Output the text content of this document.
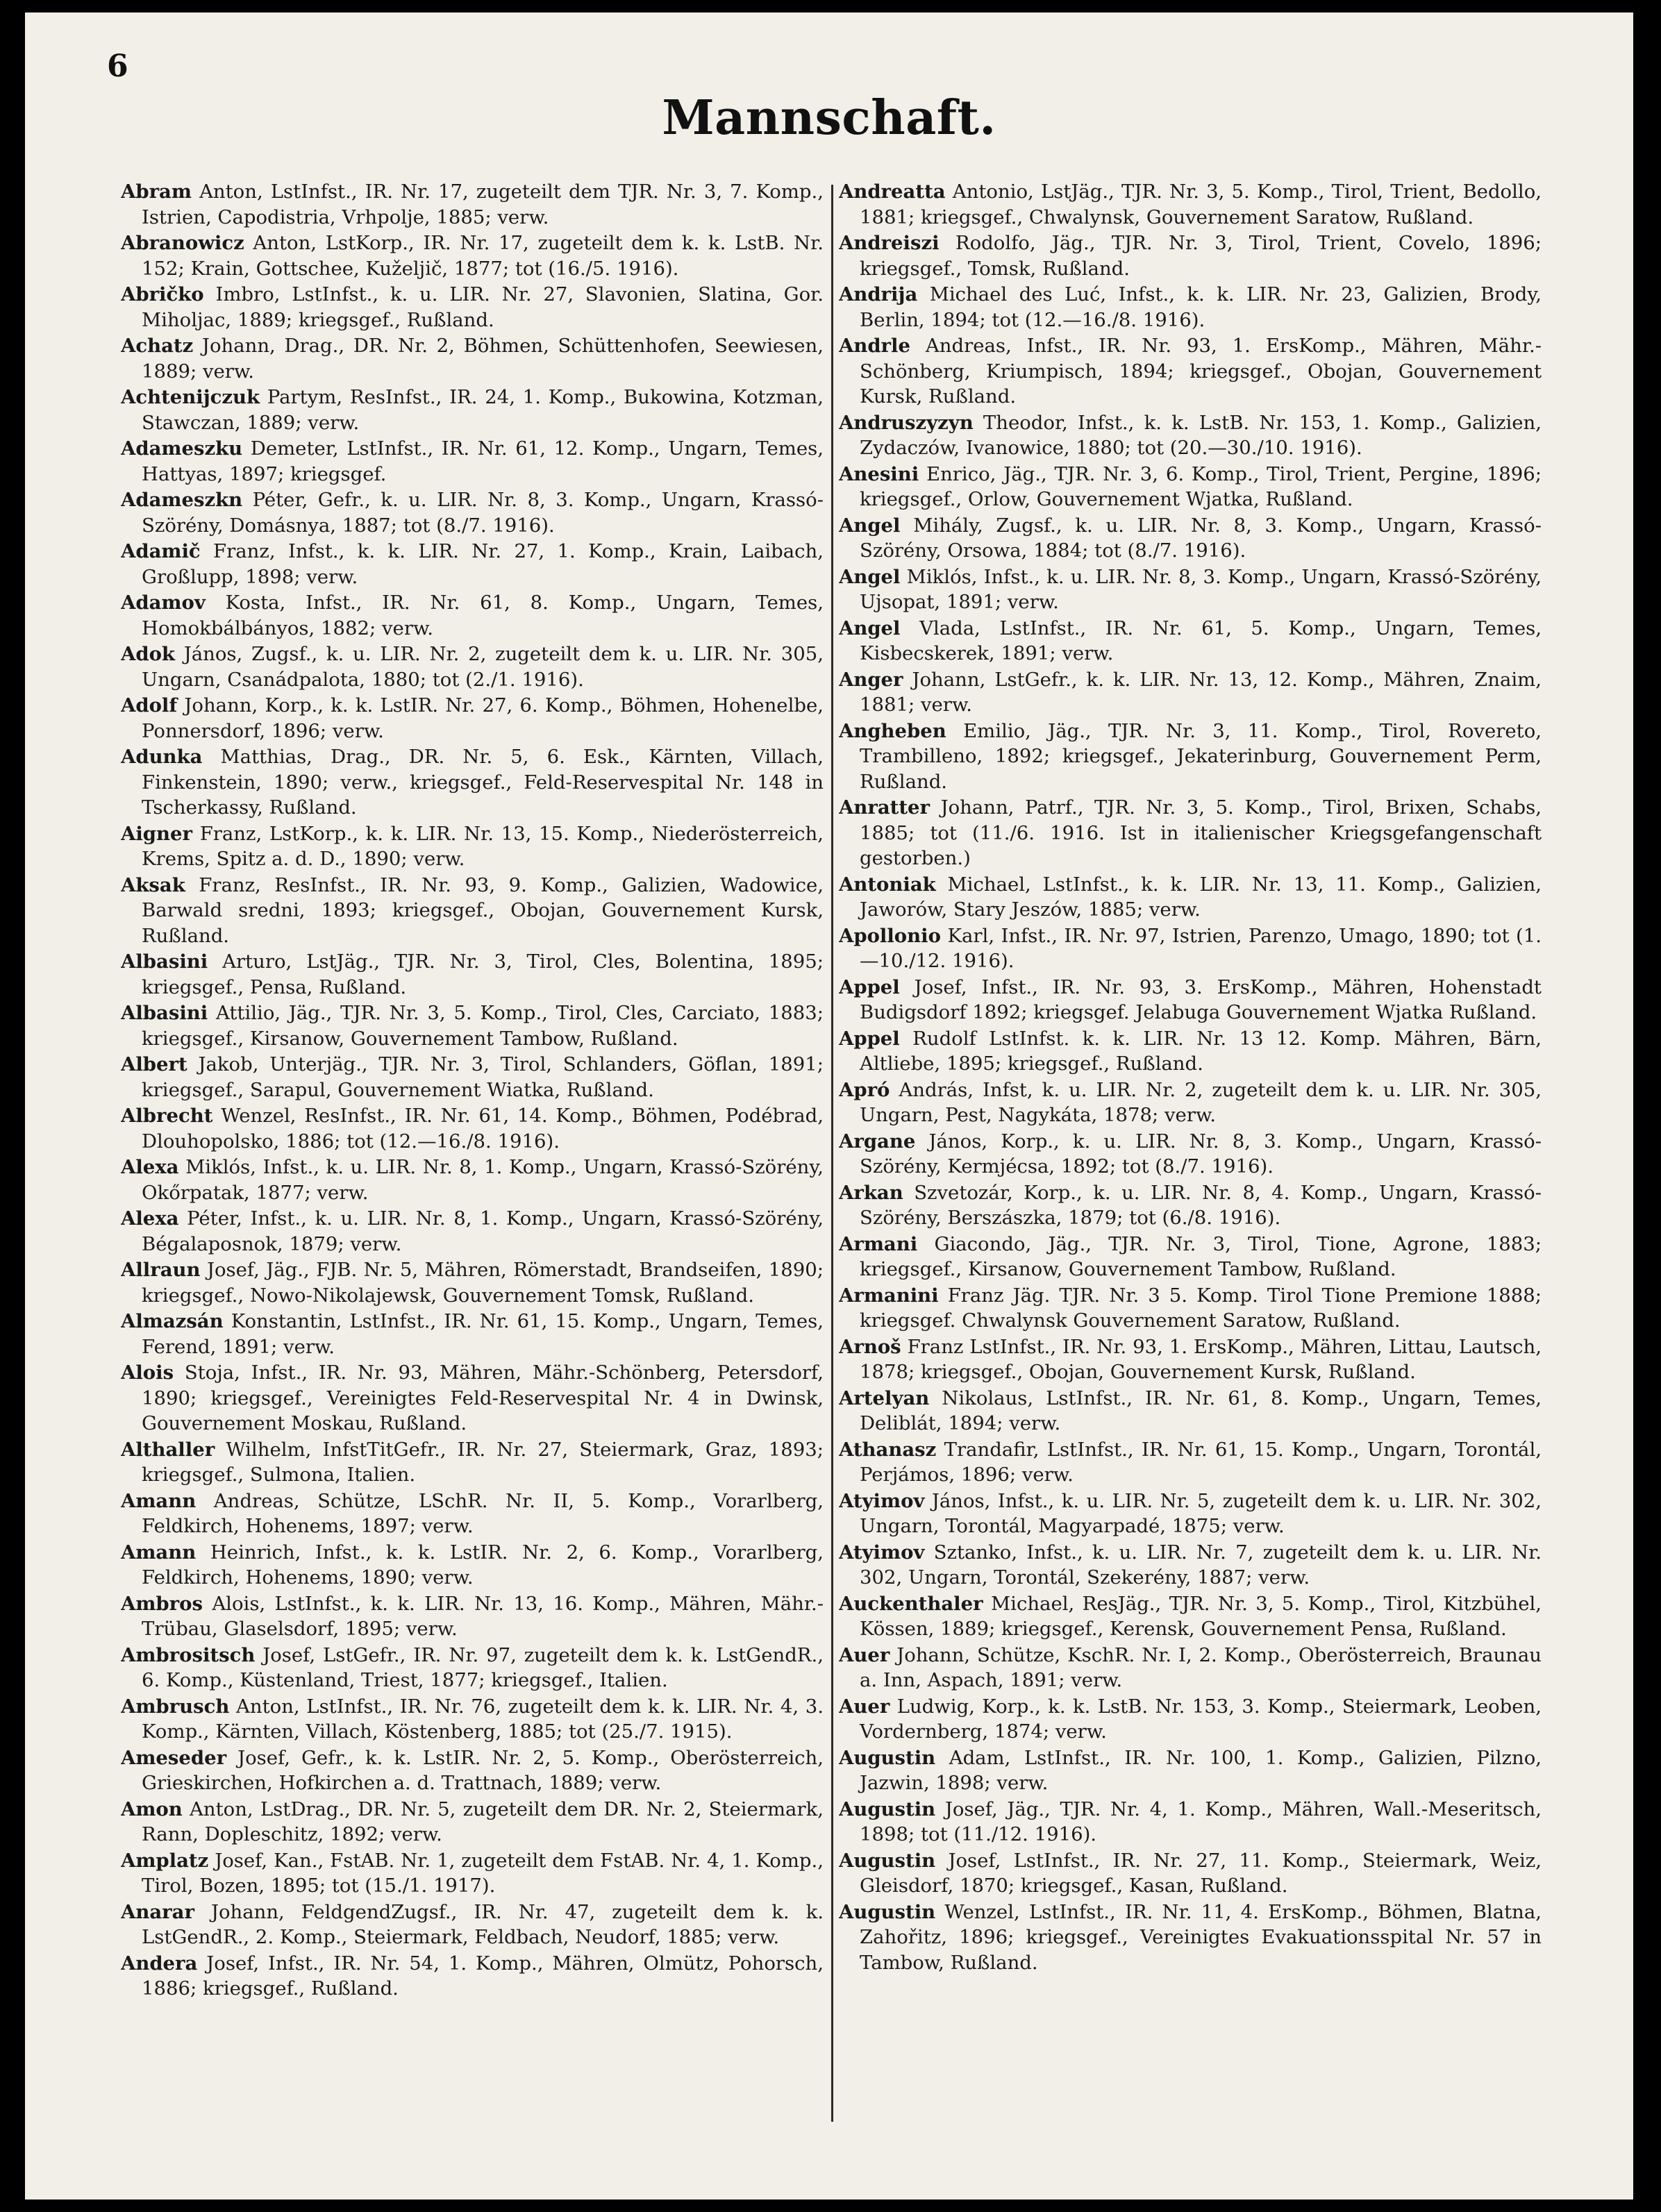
6
Mannschaft.
Abram Anton, LstInfst., IR. Nr. 17, zugeteilt dem TJR. Nr. 3, 7. Komp., Istrien, Capodistria, Vrhpolje, 1885; verw.
Abranowicz Anton, LstKorp., IR. Nr. 17, zugeteilt dem k. k. LstB. Nr. 152; Krain, Gottschee, Kuželjič, 1877; tot (16./5. 1916).
Abričko Imbro, LstInfst., k. u. LIR. Nr. 27, Slavonien, Slatina, Gor. Miholjac, 1889; kriegsgef., Rußland.
Achatz Johann, Drag., DR. Nr. 2, Böhmen, Schüttenhofen, Seewiesen, 1889; verw.
Achtenijczuk Partym, ResInfst., IR. 24, 1. Komp., Bukowina, Kotzman, Stawczan, 1889; verw.
Adameszku Demeter, LstInfst., IR. Nr. 61, 12. Komp., Ungarn, Temes, Hattyas, 1897; kriegsgef.
Adameszkn Péter, Gefr., k. u. LIR. Nr. 8, 3. Komp., Ungarn, Krassó-Szörény, Domásnya, 1887; tot (8./7. 1916).
Adamič Franz, Infst., k. k. LIR. Nr. 27, 1. Komp., Krain, Laibach, Großlupp, 1898; verw.
Adamov Kosta, Infst., IR. Nr. 61, 8. Komp., Ungarn, Temes, Homokbálbányos, 1882; verw.
Adok János, Zugsf., k. u. LIR. Nr. 2, zugeteilt dem k. u. LIR. Nr. 305, Ungarn, Csanádpalota, 1880; tot (2./1. 1916).
Adolf Johann, Korp., k. k. LstIR. Nr. 27, 6. Komp., Böhmen, Hohenelbe, Ponnersdorf, 1896; verw.
Adunka Matthias, Drag., DR. Nr. 5, 6. Esk., Kärnten, Villach, Finkenstein, 1890; verw., kriegsgef., Feld-Reservespital Nr. 148 in Tscherkassy, Rußland.
Aigner Franz, LstKorp., k. k. LIR. Nr. 13, 15. Komp., Niederösterreich, Krems, Spitz a. d. D., 1890; verw.
Aksak Franz, ResInfst., IR. Nr. 93, 9. Komp., Galizien, Wadowice, Barwald sredni, 1893; kriegsgef., Obojan, Gouvernement Kursk, Rußland.
Albasini Arturo, LstJäg., TJR. Nr. 3, Tirol, Cles, Bolentina, 1895; kriegsgef., Pensa, Rußland.
Albasini Attilio, Jäg., TJR. Nr. 3, 5. Komp., Tirol, Cles, Carciato, 1883; kriegsgef., Kirsanow, Gouvernement Tambow, Rußland.
Albert Jakob, Unterjäg., TJR. Nr. 3, Tirol, Schlanders, Göflan, 1891; kriegsgef., Sarapul, Gouvernement Wiatka, Rußland.
Albrecht Wenzel, ResInfst., IR. Nr. 61, 14. Komp., Böhmen, Podébrad, Dlouhopolsko, 1886; tot (12.—16./8. 1916).
Alexa Miklós, Infst., k. u. LIR. Nr. 8, 1. Komp., Ungarn, Krassó-Szörény, Okőrpatak, 1877; verw.
Alexa Péter, Infst., k. u. LIR. Nr. 8, 1. Komp., Ungarn, Krassó-Szörény, Bégalaposnok, 1879; verw.
Allraun Josef, Jäg., FJB. Nr. 5, Mähren, Römerstadt, Brandseifen, 1890; kriegsgef., Nowo-Nikolajewsk, Gouvernement Tomsk, Rußland.
Almazsán Konstantin, LstInfst., IR. Nr. 61, 15. Komp., Ungarn, Temes, Ferend, 1891; verw.
Alois Stoja, Infst., IR. Nr. 93, Mähren, Mähr.-Schönberg, Petersdorf, 1890; kriegsgef., Vereinigtes Feld-Reservespital Nr. 4 in Dwinsk, Gouvernement Moskau, Rußland.
Althaller Wilhelm, InfstTitGefr., IR. Nr. 27, Steiermark, Graz, 1893; kriegsgef., Sulmona, Italien.
Amann Andreas, Schütze, LSchR. Nr. II, 5. Komp., Vorarlberg, Feldkirch, Hohenems, 1897; verw.
Amann Heinrich, Infst., k. k. LstIR. Nr. 2, 6. Komp., Vorarlberg, Feldkirch, Hohenems, 1890; verw.
Ambros Alois, LstInfst., k. k. LIR. Nr. 13, 16. Komp., Mähren, Mähr.-Trübau, Glaselsdorf, 1895; verw.
Ambrositsch Josef, LstGefr., IR. Nr. 97, zugeteilt dem k. k. LstGendR., 6. Komp., Küstenland, Triest, 1877; kriegsgef., Italien.
Ambrusch Anton, LstInfst., IR. Nr. 76, zugeteilt dem k. k. LIR. Nr. 4, 3. Komp., Kärnten, Villach, Köstenberg, 1885; tot (25./7. 1915).
Ameseder Josef, Gefr., k. k. LstIR. Nr. 2, 5. Komp., Oberösterreich, Grieskirchen, Hofkirchen a. d. Trattnach, 1889; verw.
Amon Anton, LstDrag., DR. Nr. 5, zugeteilt dem DR. Nr. 2, Steiermark, Rann, Dopleschitz, 1892; verw.
Amplatz Josef, Kan., FstAB. Nr. 1, zugeteilt dem FstAB. Nr. 4, 1. Komp., Tirol, Bozen, 1895; tot (15./1. 1917).
Anarar Johann, FeldgendZugsf., IR. Nr. 47, zugeteilt dem k. k. LstGendR., 2. Komp., Steiermark, Feldbach, Neudorf, 1885; verw.
Andera Josef, Infst., IR. Nr. 54, 1. Komp., Mähren, Olmütz, Pohorsch, 1886; kriegsgef., Rußland.
Andreatta Antonio, LstJäg., TJR. Nr. 3, 5. Komp., Tirol, Trient, Bedollo, 1881; kriegsgef., Chwalynsk, Gouvernement Saratow, Rußland.
Andreiszi Rodolfo, Jäg., TJR. Nr. 3, Tirol, Trient, Covelo, 1896; kriegsgef., Tomsk, Rußland.
Andrija Michael des Luć, Infst., k. k. LIR. Nr. 23, Galizien, Brody, Berlin, 1894; tot (12.—16./8. 1916).
Andrle Andreas, Infst., IR. Nr. 93, 1. ErsKomp., Mähren, Mähr.-Schönberg, Kriumpisch, 1894; kriegsgef., Obojan, Gouvernement Kursk, Rußland.
Andruszyzyn Theodor, Infst., k. k. LstB. Nr. 153, 1. Komp., Galizien, Zydaczów, Ivanowice, 1880; tot (20.—30./10. 1916).
Anesini Enrico, Jäg., TJR. Nr. 3, 6. Komp., Tirol, Trient, Pergine, 1896; kriegsgef., Orlow, Gouvernement Wjatka, Rußland.
Angel Mihály, Zugsf., k. u. LIR. Nr. 8, 3. Komp., Ungarn, Krassó-Szörény, Orsowa, 1884; tot (8./7. 1916).
Angel Miklós, Infst., k. u. LIR. Nr. 8, 3. Komp., Ungarn, Krassó-Szörény, Ujsopat, 1891; verw.
Angel Vlada, LstInfst., IR. Nr. 61, 5. Komp., Ungarn, Temes, Kisbecskerek, 1891; verw.
Anger Johann, LstGefr., k. k. LIR. Nr. 13, 12. Komp., Mähren, Znaim, 1881; verw.
Angheben Emilio, Jäg., TJR. Nr. 3, 11. Komp., Tirol, Rovereto, Trambilleno, 1892; kriegsgef., Jekaterinburg, Gouvernement Perm, Rußland.
Anratter Johann, Patrf., TJR. Nr. 3, 5. Komp., Tirol, Brixen, Schabs, 1885; tot (11./6. 1916. Ist in italienischer Kriegsgefangenschaft gestorben.)
Antoniak Michael, LstInfst., k. k. LIR. Nr. 13, 11. Komp., Galizien, Jaworów, Stary Jeszów, 1885; verw.
Apollonio Karl, Infst., IR. Nr. 97, Istrien, Parenzo, Umago, 1890; tot (1.—10./12. 1916).
Appel Josef, Infst., IR. Nr. 93, 3. ErsKomp., Mähren, Hohenstadt Budigsdorf 1892; kriegsgef. Jelabuga Gouvernement Wjatka Rußland.
Appel Rudolf LstInfst. k. k. LIR. Nr. 13 12. Komp. Mähren, Bärn, Altliebe, 1895; kriegsgef., Rußland.
Apró András, Infst, k. u. LIR. Nr. 2, zugeteilt dem k. u. LIR. Nr. 305, Ungarn, Pest, Nagykáta, 1878; verw.
Argane János, Korp., k. u. LIR. Nr. 8, 3. Komp., Ungarn, Krassó-Szörény, Kermjécsa, 1892; tot (8./7. 1916).
Arkan Szvetozár, Korp., k. u. LIR. Nr. 8, 4. Komp., Ungarn, Krassó-Szörény, Berszászka, 1879; tot (6./8. 1916).
Armani Giacondo, Jäg., TJR. Nr. 3, Tirol, Tione, Agrone, 1883; kriegsgef., Kirsanow, Gouvernement Tambow, Rußland.
Armanini Franz Jäg. TJR. Nr. 3 5. Komp. Tirol Tione Premione 1888; kriegsgef. Chwalynsk Gouvernement Saratow, Rußland.
Arnoš Franz LstInfst., IR. Nr. 93, 1. ErsKomp., Mähren, Littau, Lautsch, 1878; kriegsgef., Obojan, Gouvernement Kursk, Rußland.
Artelyan Nikolaus, LstInfst., IR. Nr. 61, 8. Komp., Ungarn, Temes, Deliblát, 1894; verw.
Athanasz Trandafir, LstInfst., IR. Nr. 61, 15. Komp., Ungarn, Torontál, Perjámos, 1896; verw.
Atyimov János, Infst., k. u. LIR. Nr. 5, zugeteilt dem k. u. LIR. Nr. 302, Ungarn, Torontál, Magyarpadé, 1875; verw.
Atyimov Sztanko, Infst., k. u. LIR. Nr. 7, zugeteilt dem k. u. LIR. Nr. 302, Ungarn, Torontál, Szekerény, 1887; verw.
Auckenthaler Michael, ResJäg., TJR. Nr. 3, 5. Komp., Tirol, Kitzbühel, Kössen, 1889; kriegsgef., Kerensk, Gouvernement Pensa, Rußland.
Auer Johann, Schütze, KschR. Nr. I, 2. Komp., Oberösterreich, Braunau a. Inn, Aspach, 1891; verw.
Auer Ludwig, Korp., k. k. LstB. Nr. 153, 3. Komp., Steiermark, Leoben, Vordernberg, 1874; verw.
Augustin Adam, LstInfst., IR. Nr. 100, 1. Komp., Galizien, Pilzno, Jazwin, 1898; verw.
Augustin Josef, Jäg., TJR. Nr. 4, 1. Komp., Mähren, Wall.-Meseritsch, 1898; tot (11./12. 1916).
Augustin Josef, LstInfst., IR. Nr. 27, 11. Komp., Steiermark, Weiz, Gleisdorf, 1870; kriegsgef., Kasan, Rußland.
Augustin Wenzel, LstInfst., IR. Nr. 11, 4. ErsKomp., Böhmen, Blatna, Zahořitz, 1896; kriegsgef., Vereinigtes Evakuationsspital Nr. 57 in Tambow, Rußland.
